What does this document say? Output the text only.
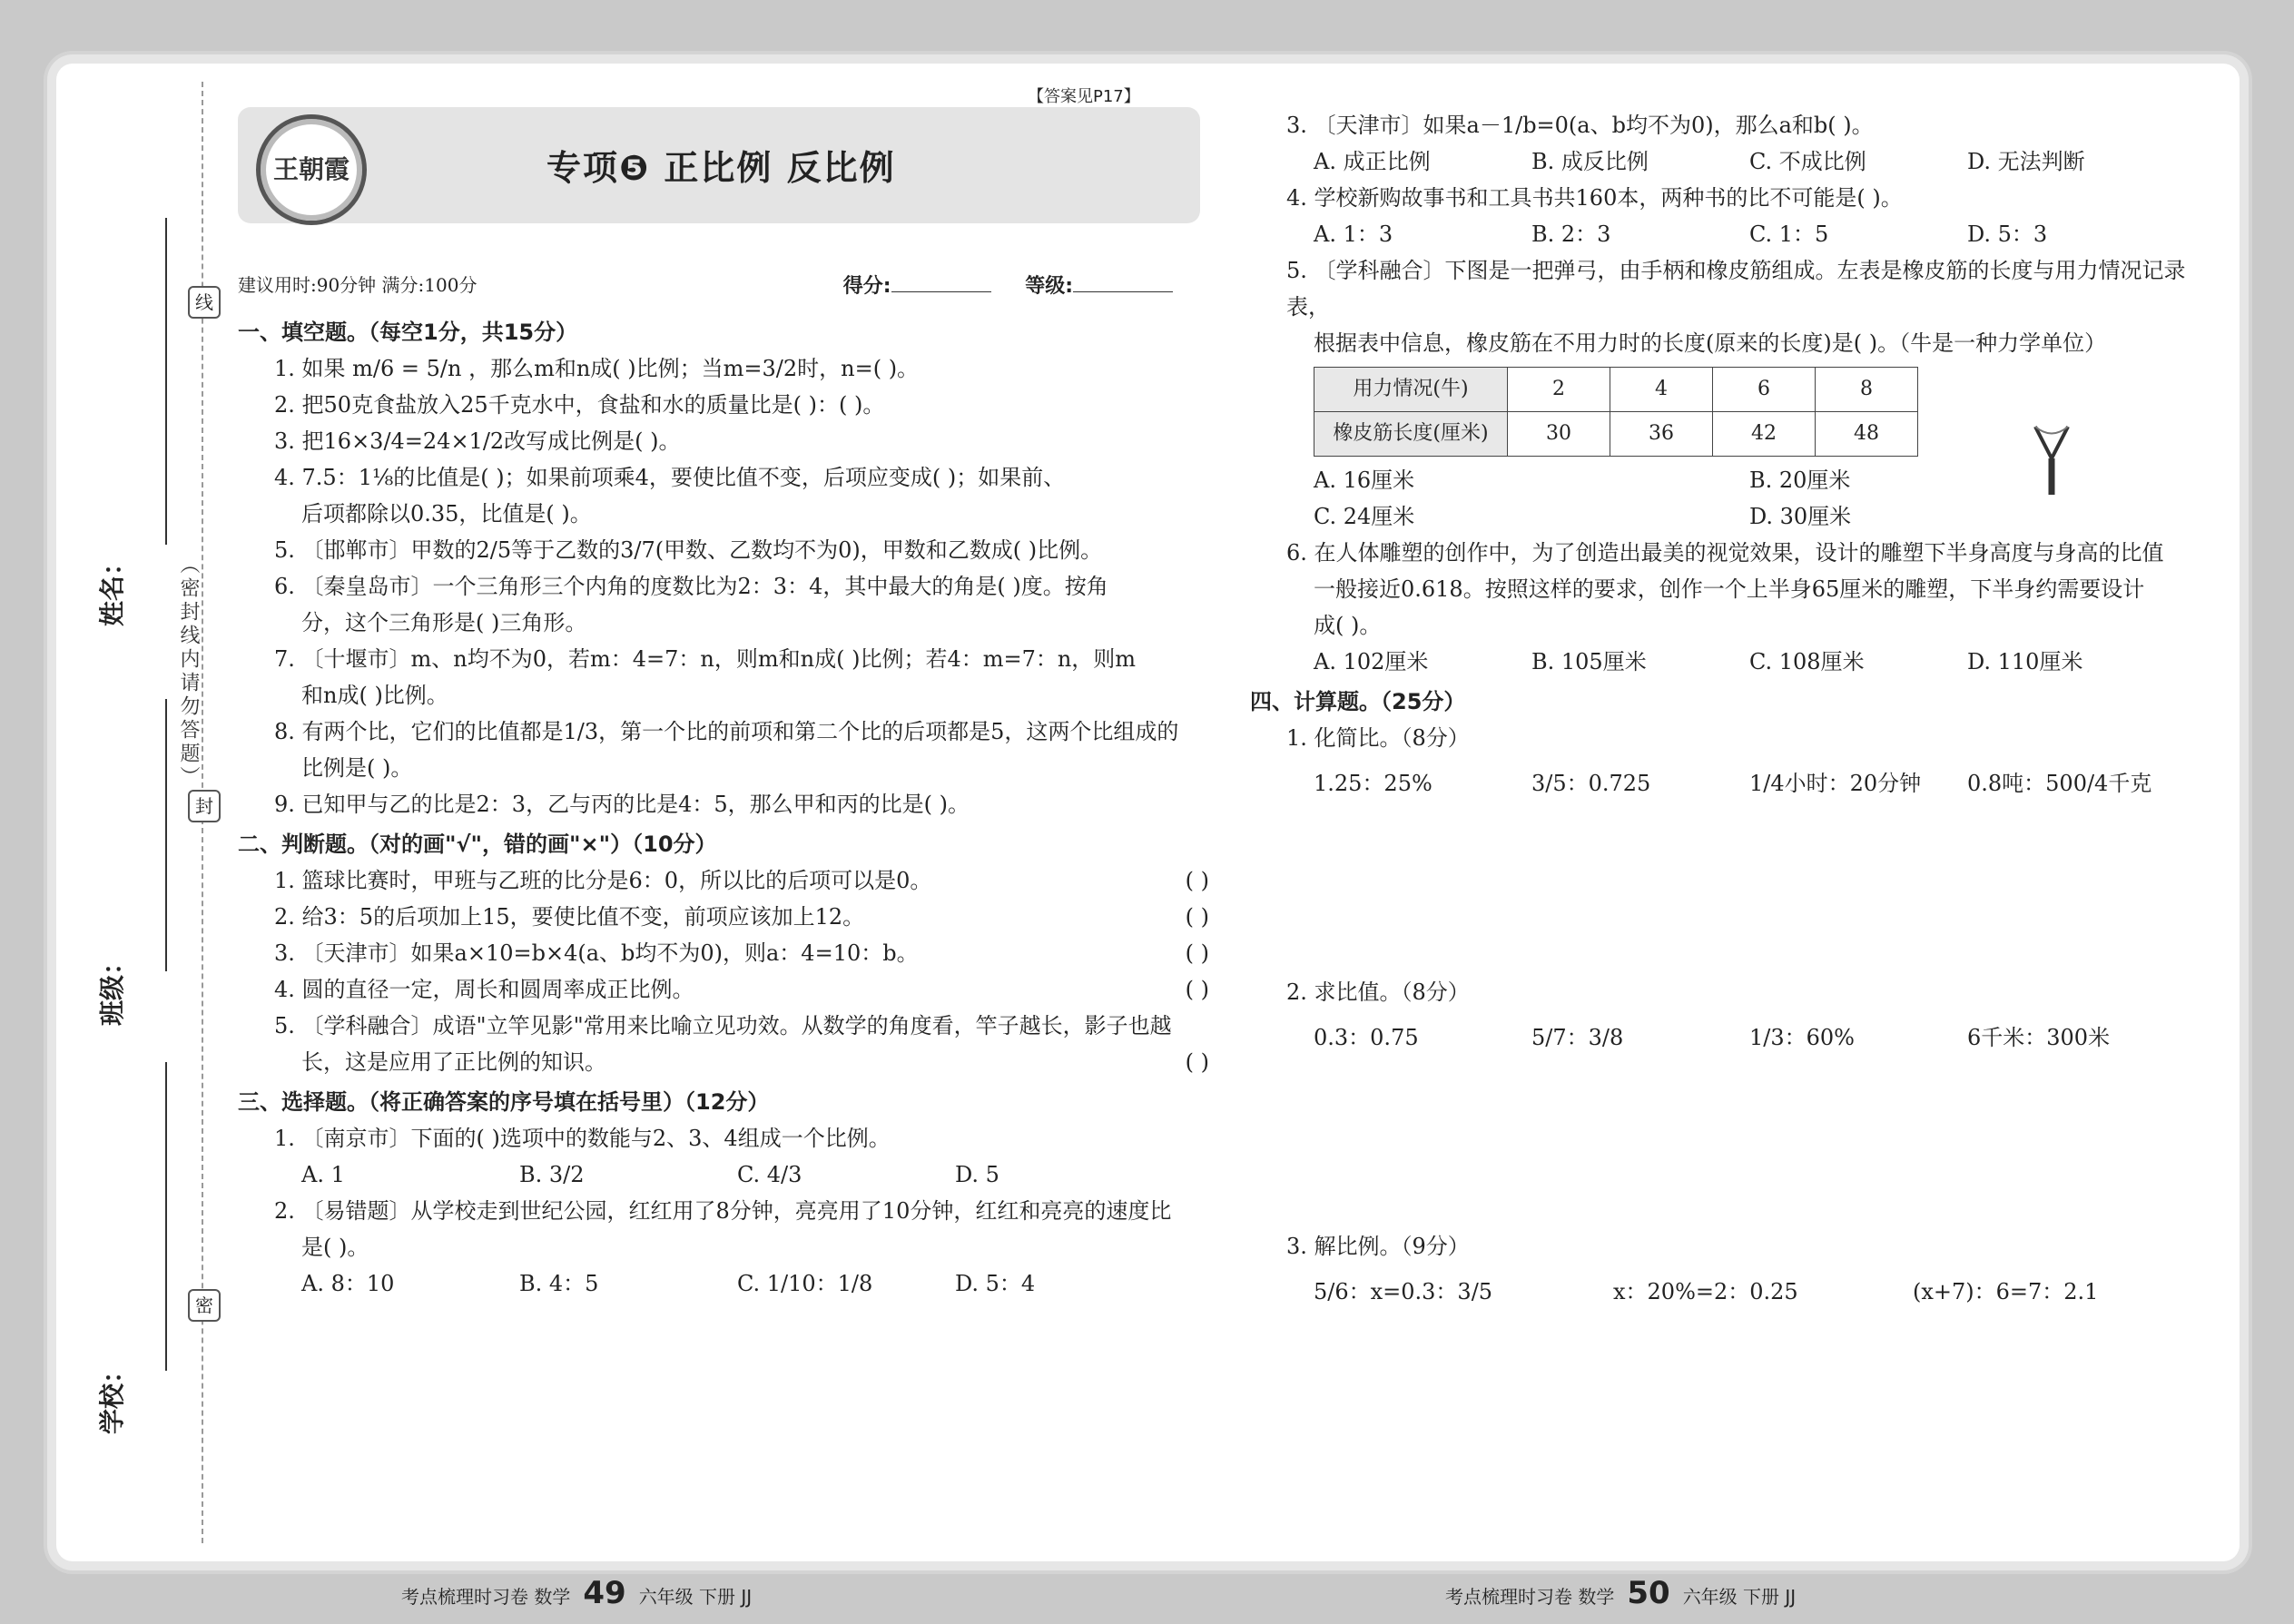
姓名：
班级：
学校：
线
封
密
（密封线内请勿答题）
王朝霞	专项❺ 正比例 反比例
【答案见P17】
建议用时:90分钟 满分:100分	得分:	等级:
一、填空题。（每空1分，共15分）
1. 如果 m/6 = 5/n ，那么m和n成( )比例；当m=3/2时，n=( )。
2. 把50克食盐放入25千克水中，食盐和水的质量比是( )：( )。
3. 把16×3/4=24×1/2改写成比例是( )。
4. 7.5：1⅛的比值是( )；如果前项乘4，要使比值不变，后项应变成( )；如果前、
后项都除以0.35，比值是( )。
5. 〔邯郸市〕甲数的2/5等于乙数的3/7(甲数、乙数均不为0)，甲数和乙数成( )比例。
6. 〔秦皇岛市〕一个三角形三个内角的度数比为2：3：4，其中最大的角是( )度。按角
分，这个三角形是( )三角形。
7. 〔十堰市〕m、n均不为0，若m：4=7：n，则m和n成( )比例；若4：m=7：n，则m
和n成( )比例。
8. 有两个比，它们的比值都是1/3，第一个比的前项和第二个比的后项都是5，这两个比组成的
比例是( )。
9. 已知甲与乙的比是2：3，乙与丙的比是4：5，那么甲和丙的比是( )。
二、判断题。（对的画"√"，错的画"×"）（10分）
1. 篮球比赛时，甲班与乙班的比分是6：0，所以比的后项可以是0。	( )
2. 给3：5的后项加上15，要使比值不变，前项应该加上12。	( )
3. 〔天津市〕如果a×10=b×4(a、b均不为0)，则a：4=10：b。	( )
4. 圆的直径一定，周长和圆周率成正比例。	( )
5. 〔学科融合〕成语"立竿见影"常用来比喻立见功效。从数学的角度看，竿子越长，影子也越
长，这是应用了正比例的知识。	( )
三、选择题。（将正确答案的序号填在括号里）（12分）
1. 〔南京市〕下面的( )选项中的数能与2、3、4组成一个比例。
A. 1	B. 3/2	C. 4/3	D. 5
2. 〔易错题〕从学校走到世纪公园，红红用了8分钟，亮亮用了10分钟，红红和亮亮的速度比
是( )。
A. 8：10	B. 4：5	C. 1/10：1/8	D. 5：4
3. 〔天津市〕如果a－1/b=0(a、b均不为0)，那么a和b( )。
A. 成正比例	B. 成反比例	C. 不成比例	D. 无法判断
4. 学校新购故事书和工具书共160本，两种书的比不可能是( )。
A. 1：3	B. 2：3	C. 1：5	D. 5：3
5. 〔学科融合〕下图是一把弹弓，由手柄和橡皮筋组成。左表是橡皮筋的长度与用力情况记录表，
根据表中信息，橡皮筋在不用力时的长度(原来的长度)是( )。（牛是一种力学单位）
用力情况(牛)	2	4	6	8
橡皮筋长度(厘米)	30	36	42	48
A. 16厘米	B. 20厘米
C. 24厘米	D. 30厘米
6. 在人体雕塑的创作中，为了创造出最美的视觉效果，设计的雕塑下半身高度与身高的比值
一般接近0.618。按照这样的要求，创作一个上半身65厘米的雕塑，下半身约需要设计
成( )。
A. 102厘米	B. 105厘米	C. 108厘米	D. 110厘米
四、计算题。（25分）
1. 化简比。（8分）
1.25：25%	3/5：0.725	1/4小时：20分钟	0.8吨：500/4千克
2. 求比值。（8分）
0.3：0.75	5/7：3/8	1/3：60%	6千米：300米
3. 解比例。（9分）
5/6：x=0.3：3/5	x：20%=2：0.25	(x+7)：6=7：2.1
考点梳理时习卷 数学 49 六年级 下册 JJ	考点梳理时习卷 数学 50 六年级 下册 JJ
